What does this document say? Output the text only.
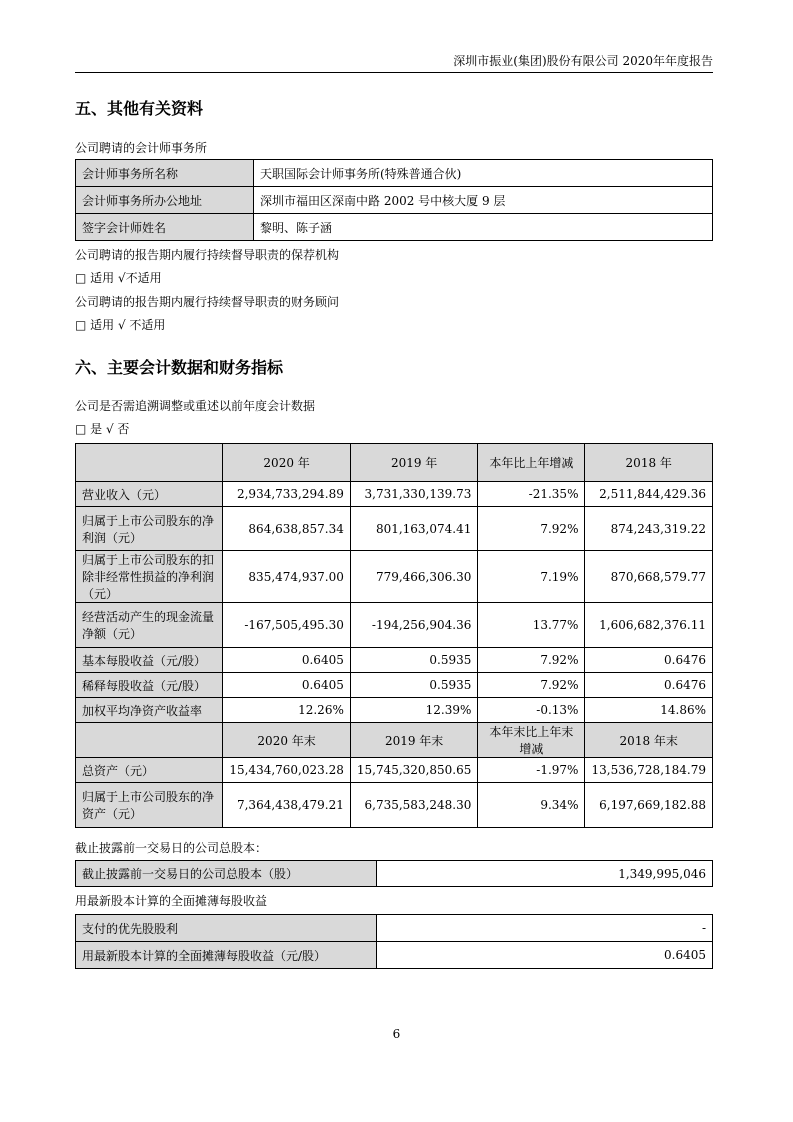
深圳市振业(集团)股份有限公司 2020年年度报告
五、其他有关资料
公司聘请的会计师事务所
会计师事务所名称	天职国际会计师事务所(特殊普通合伙)
会计师事务所办公地址	深圳市福田区深南中路 2002 号中核大厦 9 层
签字会计师姓名	黎明、陈子涵
公司聘请的报告期内履行持续督导职责的保荐机构
□ 适用 √不适用
公司聘请的报告期内履行持续督导职责的财务顾问
□ 适用 √ 不适用
六、主要会计数据和财务指标
公司是否需追溯调整或重述以前年度会计数据
□ 是 √ 否
	2020 年	2019 年	本年比上年增减	2018 年
营业收入（元）	2,934,733,294.89	3,731,330,139.73	-21.35%	2,511,844,429.36
归属于上市公司股东的净利润（元）	864,638,857.34	801,163,074.41	7.92%	874,243,319.22
归属于上市公司股东的扣除非经常性损益的净利润（元）	835,474,937.00	779,466,306.30	7.19%	870,668,579.77
经营活动产生的现金流量净额（元）	-167,505,495.30	-194,256,904.36	13.77%	1,606,682,376.11
基本每股收益（元/股）	0.6405	0.5935	7.92%	0.6476
稀释每股收益（元/股）	0.6405	0.5935	7.92%	0.6476
加权平均净资产收益率	12.26%	12.39%	-0.13%	14.86%
	2020 年末	2019 年末	本年末比上年末增减	2018 年末
总资产（元）	15,434,760,023.28	15,745,320,850.65	-1.97%	13,536,728,184.79
归属于上市公司股东的净资产（元）	7,364,438,479.21	6,735,583,248.30	9.34%	6,197,669,182.88
截止披露前一交易日的公司总股本：
截止披露前一交易日的公司总股本（股）	1,349,995,046
用最新股本计算的全面摊薄每股收益
支付的优先股股利	-
用最新股本计算的全面摊薄每股收益（元/股）	0.6405
6
